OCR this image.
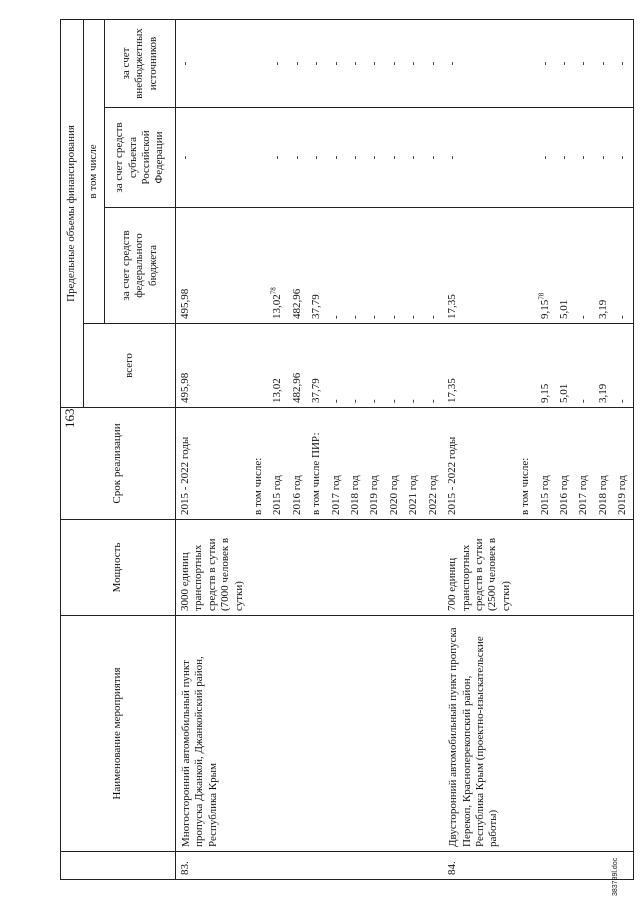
163
	Наименование мероприятия	Мощность	Срок реализации	Предельные объемы финансирования			
				всего	в том числе		
					за счет средств федерального бюджета	за счет средств субъекта Российской Федерации	за счет внебюджетных источников
83.	Многосторонний автомобильный пункт пропуска Джанкой, Джанкойский район, Республика Крым	3000 единиц транспортных средств в сутки (7000 человек в сутки)	2015 - 2022 годы	495,98	495,98	-	-
			в том числе:				
			2015 год	13,02	13,02$^{78}$	-	-
			2016 год	482,96	482,96	-	-
			в том числе ПИР:	37,79	37,79	-	-
			2017 год	-	-	-	-
			2018 год	-	-	-	-
			2019 год	-	-	-	-
			2020 год	-	-	-	-
			2021 год	-	-	-	-
			2022 год	-	-	-	-
84.	Двусторонний автомобильный пункт пропуска Перекоп, Красноперекопский район, Республика Крым (проектно-изыскательские работы)	700 единиц транспортных средств в сутки (2500 человек в сутки)	2015 - 2022 годы	17,35	17,35	-	-
			в том числе:				
			2015 год	9,15	9,15$^{78}$	-	-
			2016 год	5,01	5,01	-	-
			2017 год	-	-	-	-
			2018 год	3,19	3,19	-	-
			2019 год	-	-	-	-
383789l.doc
